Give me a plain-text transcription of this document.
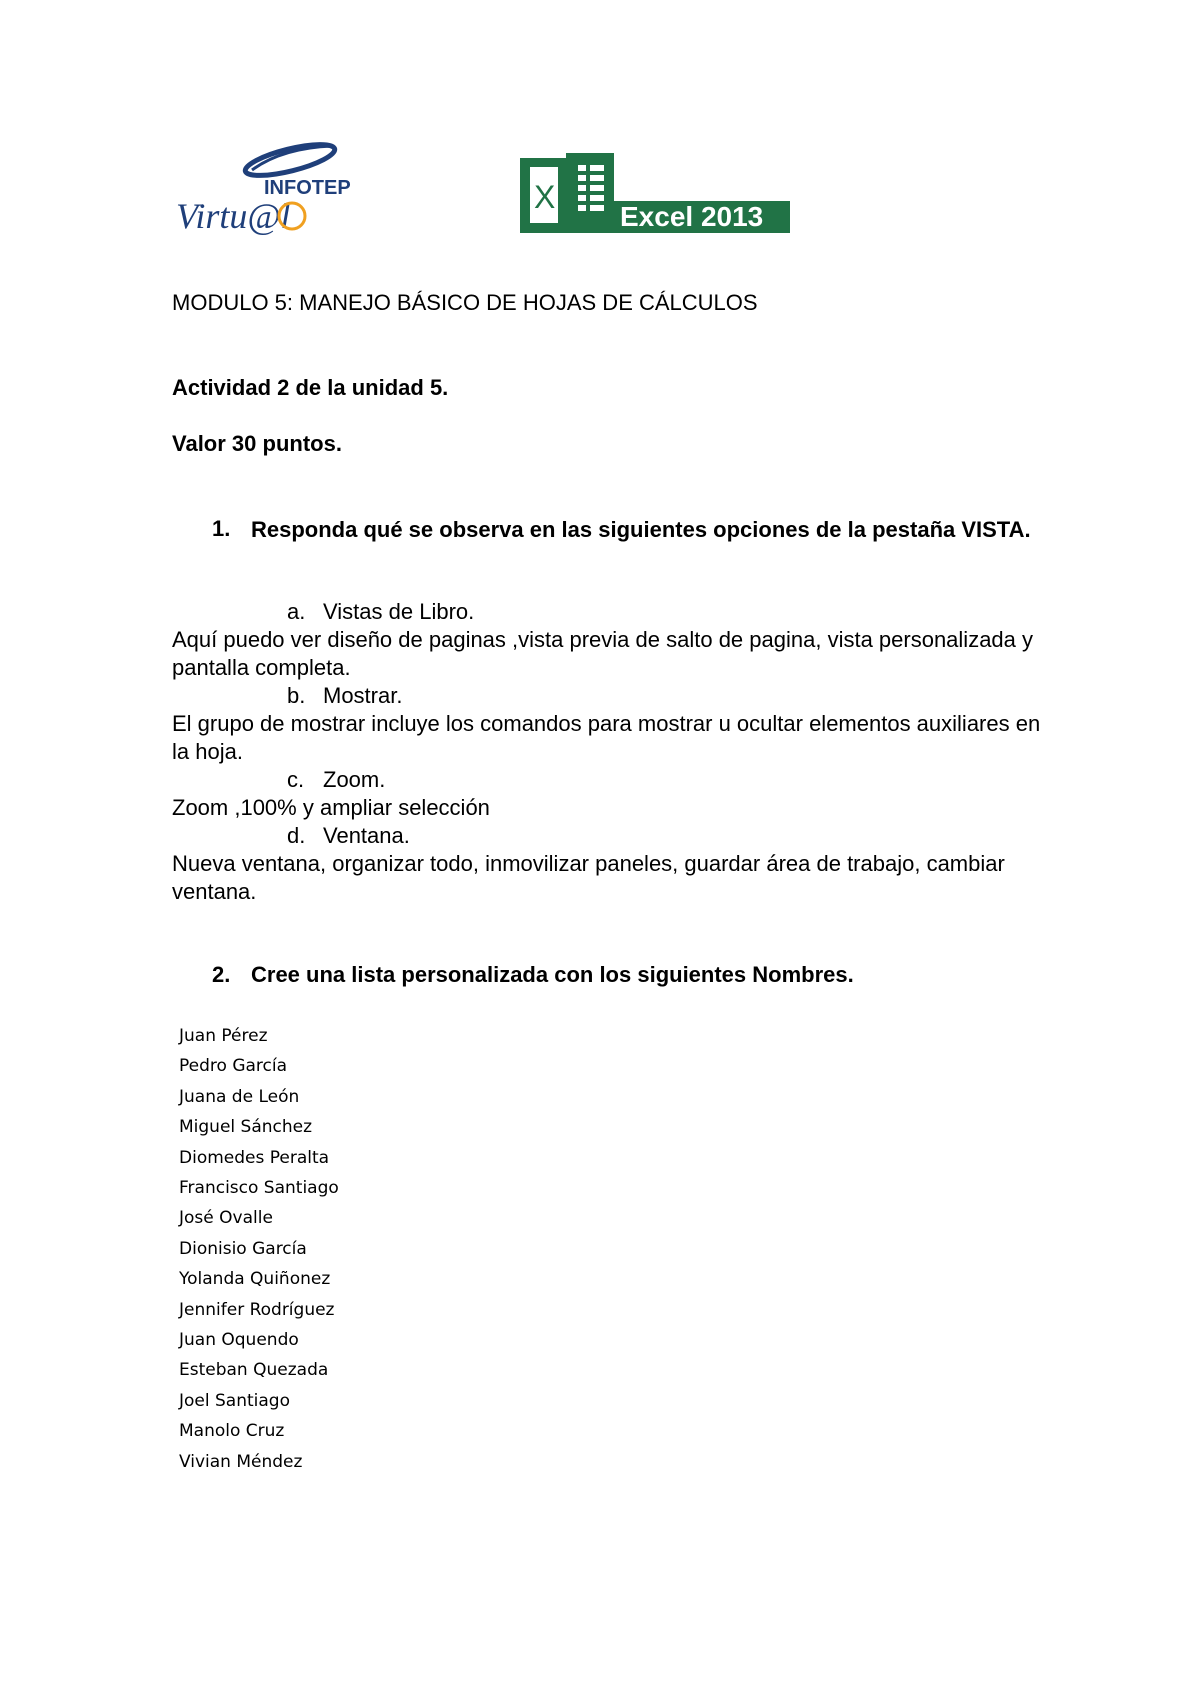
INFOTEP
Virtu@l	X
Excel 2013
MODULO 5: MANEJO BÁSICO DE HOJAS DE CÁLCULOS
Actividad 2 de la unidad 5.
Valor 30 puntos.
1. Responda qué se observa en las siguientes opciones de la pestaña VISTA.

a. Vistas de Libro.

Aquí puedo ver diseño de paginas ,vista previa de salto de pagina, vista personalizada y pantalla completa.

b. Mostrar.

El grupo de mostrar incluye los comandos para mostrar u ocultar elementos auxiliares en la hoja.

c. Zoom.

Zoom ,100% y ampliar selección

d. Ventana.

Nueva ventana, organizar todo, inmovilizar paneles, guardar área de trabajo, cambiar ventana.

2. Cree una lista personalizada con los siguientes Nombres.
Juan Pérez
Pedro García
Juana de León
Miguel Sánchez
Diomedes Peralta
Francisco Santiago
José Ovalle
Dionisio García
Yolanda Quiñonez
Jennifer Rodríguez
Juan Oquendo
Esteban Quezada
Joel Santiago
Manolo Cruz
Vivian Méndez
